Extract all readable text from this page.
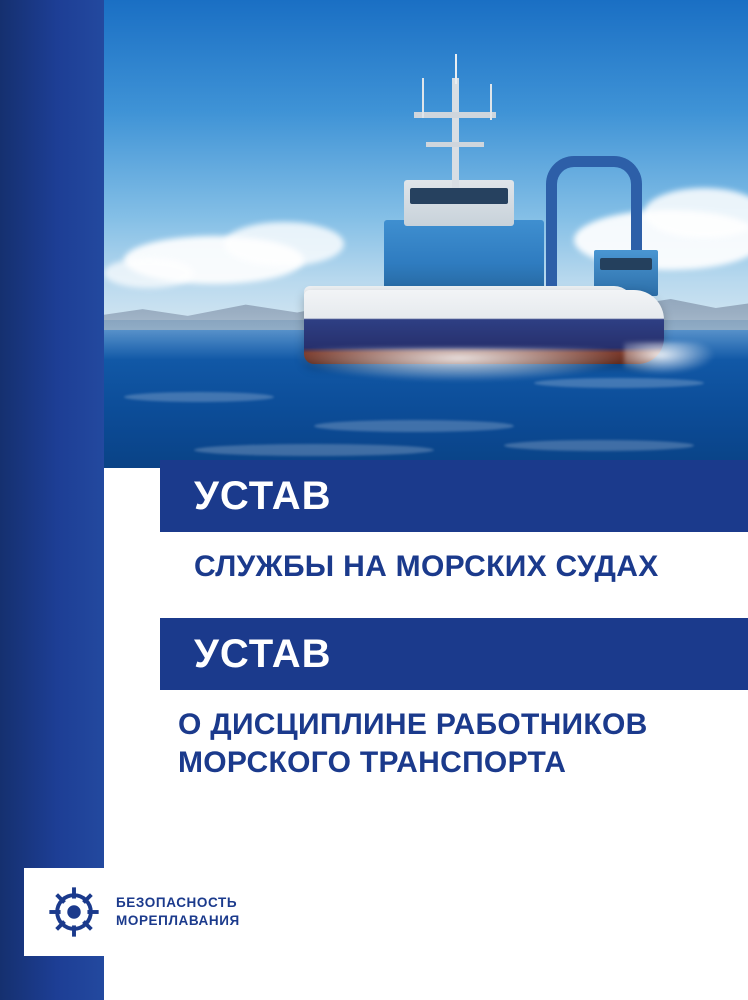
УСТАВ
СЛУЖБЫ НА МОРСКИХ СУДАХ
УСТАВ
О ДИСЦИПЛИНЕ РАБОТНИКОВ МОРСКОГО ТРАНСПОРТА
БЕЗОПАСНОСТЬ
МОРЕПЛАВАНИЯ
